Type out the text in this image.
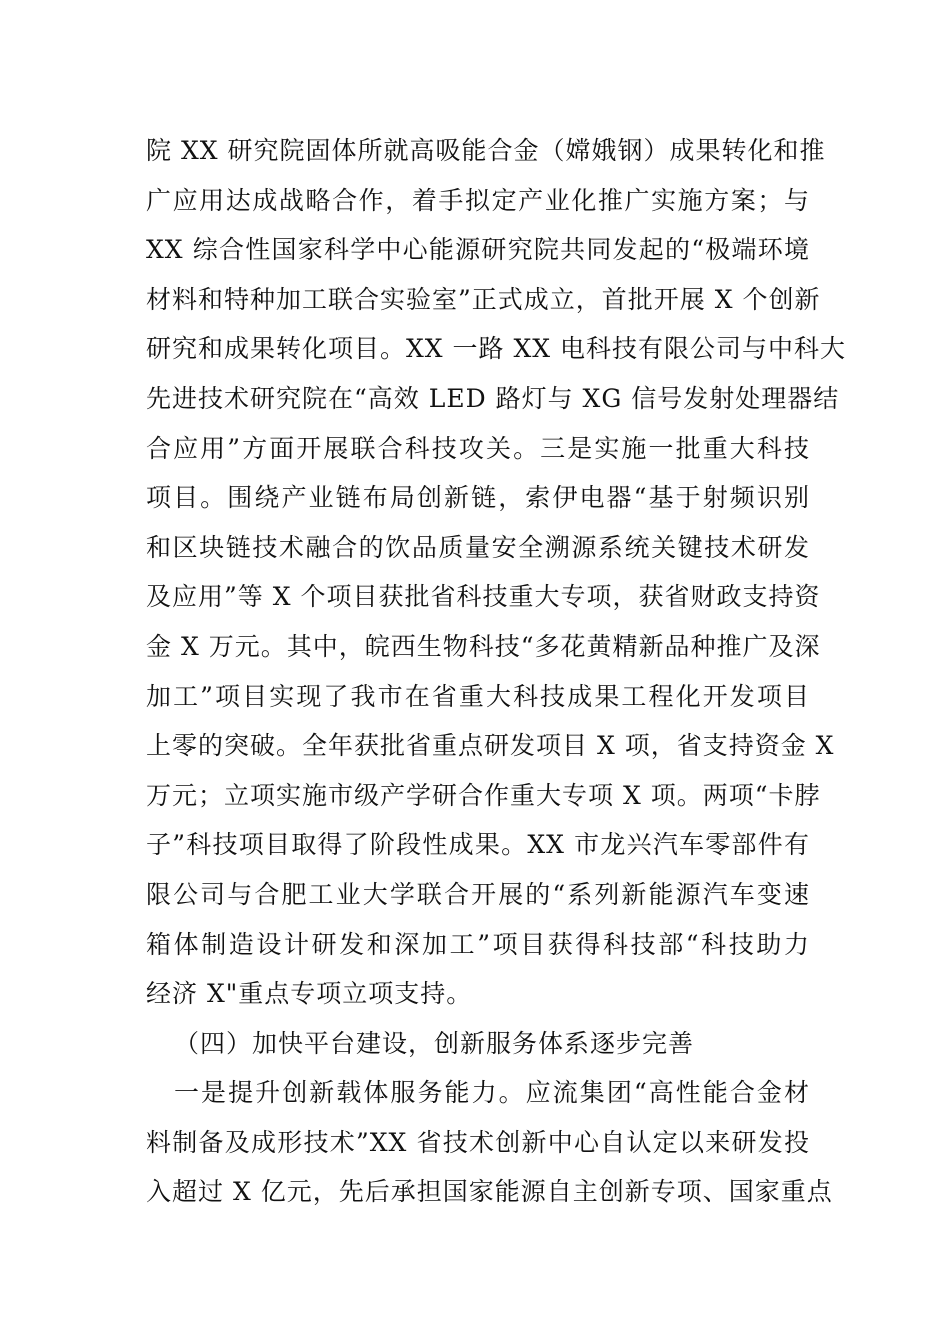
院 XX 研究院固体所就高吸能合金（嫦娥钢）成果转化和推
广应用达成战略合作，着手拟定产业化推广实施方案；与
XX 综合性国家科学中心能源研究院共同发起的“极端环境
材料和特种加工联合实验室”正式成立，首批开展 X 个创新
研究和成果转化项目。XX 一路 XX 电科技有限公司与中科大
先进技术研究院在“高效 LED 路灯与 XG 信号发射处理器结
合应用”方面开展联合科技攻关。三是实施一批重大科技
项目。围绕产业链布局创新链，索伊电器“基于射频识别
和区块链技术融合的饮品质量安全溯源系统关键技术研发
及应用”等 X 个项目获批省科技重大专项，获省财政支持资
金 X 万元。其中，皖西生物科技“多花黄精新品种推广及深
加工”项目实现了我市在省重大科技成果工程化开发项目
上零的突破。全年获批省重点研发项目 X 项，省支持资金 X
万元；立项实施市级产学研合作重大专项 X 项。两项“卡脖
子”科技项目取得了阶段性成果。XX 市龙兴汽车零部件有
限公司与合肥工业大学联合开展的“系列新能源汽车变速
箱体制造设计研发和深加工”项目获得科技部“科技助力
经济 X"重点专项立项支持。
（四）加快平台建设，创新服务体系逐步完善
一是提升创新载体服务能力。应流集团“高性能合金材
料制备及成形技术”XX 省技术创新中心自认定以来研发投
入超过 X 亿元，先后承担国家能源自主创新专项、国家重点
